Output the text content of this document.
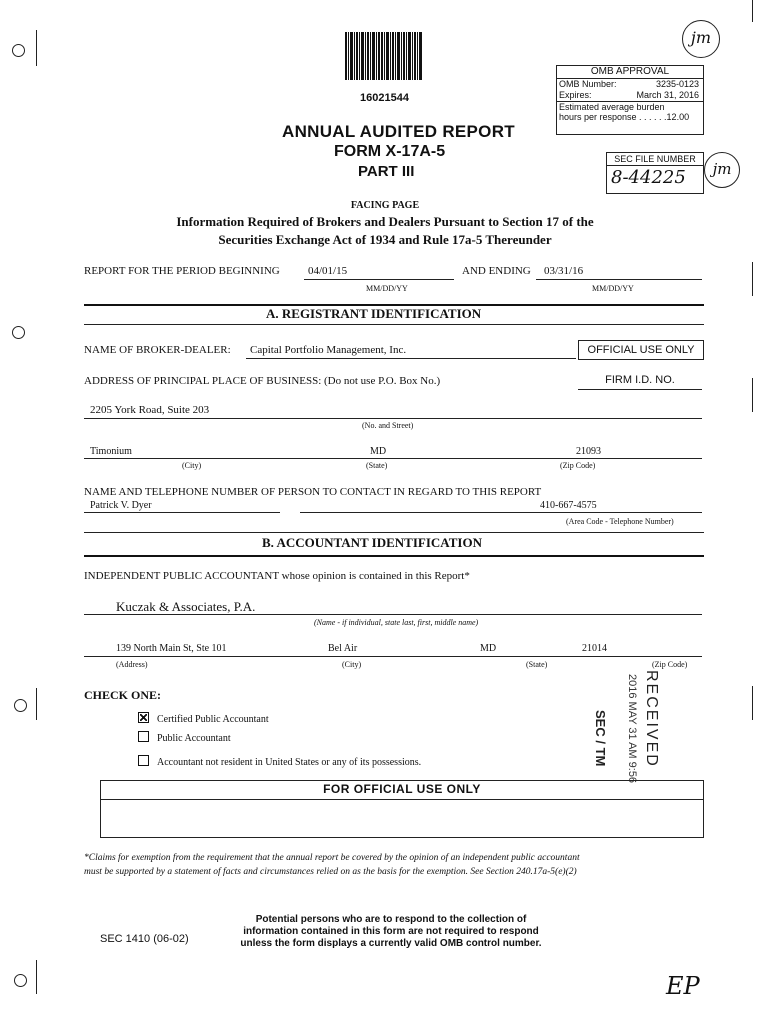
16021544
ANNUAL AUDITED REPORT
FORM X-17A-5
PART III
OMB APPROVAL
OMB Number:	3235-0123
Expires:	March 31, 2016
Estimated average burden
hours per response . . . . . .12.00
SEC FILE NUMBER
8-44225
jm
jm
EP
FACING PAGE
Information Required of Brokers and Dealers Pursuant to Section 17 of the
Securities Exchange Act of 1934 and Rule 17a-5 Thereunder
REPORT FOR THE PERIOD BEGINNING	04/01/15	AND ENDING 03/31/16
MM/DD/YY	MM/DD/YY
A. REGISTRANT IDENTIFICATION
NAME OF BROKER-DEALER: Capital Portfolio Management, Inc.	OFFICIAL USE ONLY
ADDRESS OF PRINCIPAL PLACE OF BUSINESS: (Do not use P.O. Box No.)	FIRM I.D. NO.
2205 York Road, Suite 203
(No. and Street)
Timonium	MD	21093
(City)	(State)	(Zip Code)
NAME AND TELEPHONE NUMBER OF PERSON TO CONTACT IN REGARD TO THIS REPORT
Patrick V. Dyer	410-667-4575
(Area Code - Telephone Number)
B. ACCOUNTANT IDENTIFICATION
INDEPENDENT PUBLIC ACCOUNTANT whose opinion is contained in this Report*
Kuczak & Associates, P.A.
(Name - if individual, state last, first, middle name)
139 North Main St, Ste 101	Bel Air	MD	21014
(Address)	(City)	(State)	(Zip Code)
CHECK ONE:
Certified Public Accountant
Public Accountant
Accountant not resident in United States or any of its possessions.	RECEIVED
2016 MAY 31 AM 9:56
SEC / TM
FOR OFFICIAL USE ONLY
*Claims for exemption from the requirement that the annual report be covered by the opinion of an independent public accountant
must be supported by a statement of facts and circumstances relied on as the basis for the exemption. See Section 240.17a-5(e)(2)
SEC 1410 (06-02)
Potential persons who are to respond to the collection of
information contained in this form are not required to respond
unless the form displays a currently valid OMB control number.
